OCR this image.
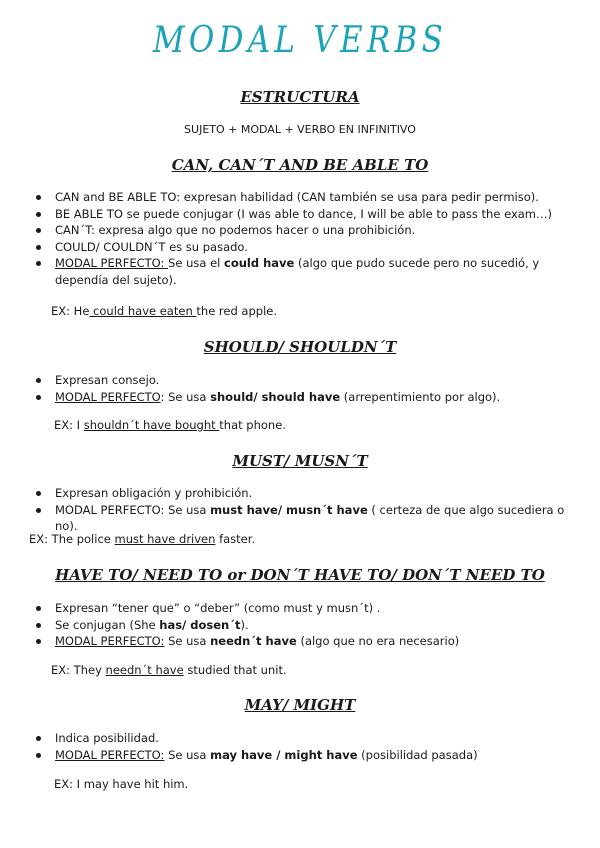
MODAL VERBS
ESTRUCTURA
SUJETO + MODAL + VERBO EN INFINITIVO
CAN, CAN´T AND BE ABLE TO
CAN and BE ABLE TO: expresan habilidad (CAN también se usa para pedir permiso).
BE ABLE TO se puede conjugar (I was able to dance, I will be able to pass the exam…)
CAN´T: expresa algo que no podemos hacer o una prohibición.
COULD/ COULDN´T es su pasado.
MODAL PERFECTO: Se usa el could have (algo que pudo sucede pero no sucedió, y
dependía del sujeto).
EX: He could have eaten the red apple.
SHOULD/ SHOULDN´T
Expresan consejo.
MODAL PERFECTO: Se usa should/ should have (arrepentimiento por algo).
EX: I shouldn´t have bought that phone.
MUST/ MUSN´T
Expresan obligación y prohibición.
MODAL PERFECTO: Se usa must have/ musn´t have ( certeza de que algo sucediera o no).
EX: The police must have driven faster.
HAVE TO/ NEED TO or DON´T HAVE TO/ DON´T NEED TO
Expresan “tener que” o “deber” (como must y musn´t) .
Se conjugan (She has/ dosen´t).
MODAL PERFECTO: Se usa needn´t have (algo que no era necesario)
EX: They needn´t have studied that unit.
MAY/ MIGHT
Indica posibilidad.
MODAL PERFECTO: Se usa may have / might have (posibilidad pasada)
EX: I may have hit him.
